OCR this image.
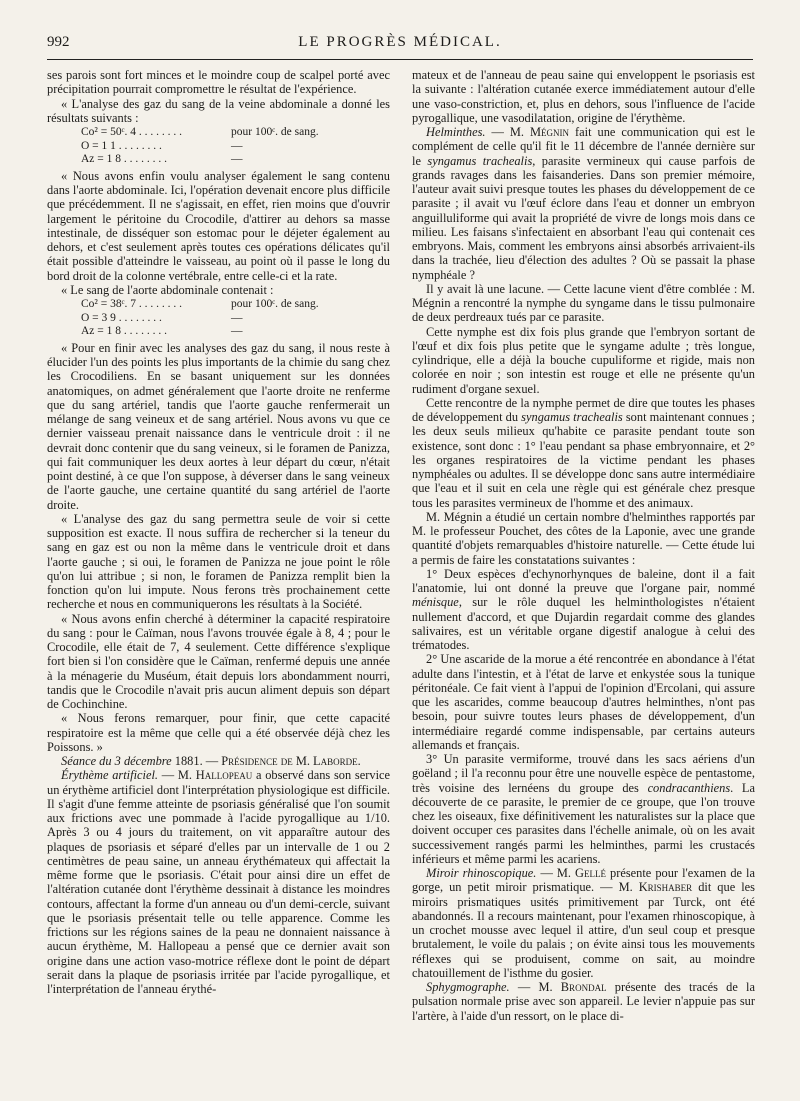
992	LE PROGRÈS MÉDICAL.

ses parois sont fort minces et le moindre coup de scalpel porté avec précipitation pourrait compromettre le résultat de l'expérience.

« L'analyse des gaz du sang de la veine abdominale a donné les résultats suivants :

Co² = 50ᶜ. 4 . . . . . . . .	pour 100ᶜ. de sang.
O = 1 1 . . . . . . . .	—
Az = 1 8 . . . . . . . .	—

« Nous avons enfin voulu analyser également le sang contenu dans l'aorte abdominale. Ici, l'opération devenait encore plus difficile que précédemment. Il ne s'agissait, en effet, rien moins que d'ouvrir largement le péritoine du Crocodile, d'attirer au dehors sa masse intestinale, de disséquer son estomac pour le déjeter également au dehors, et c'est seulement après toutes ces opérations délicates qu'il était possible d'atteindre le vaisseau, au point où il passe le long du bord droit de la colonne vertébrale, entre celle-ci et la rate.

« Le sang de l'aorte abdominale contenait :

Co² = 38ᶜ. 7 . . . . . . . .	pour 100ᶜ. de sang.
O = 3 9 . . . . . . . .	—
Az = 1 8 . . . . . . . .	—

« Pour en finir avec les analyses des gaz du sang, il nous reste à élucider l'un des points les plus importants de la chimie du sang chez les Crocodiliens. En se basant uniquement sur les données anatomiques, on admet généralement que l'aorte droite ne renferme que du sang artériel, tandis que l'aorte gauche renfermerait un mélange de sang veineux et de sang artériel. Nous avons vu que ce dernier vaisseau prenait naissance dans le ventricule droit : il ne devrait donc contenir que du sang veineux, si le foramen de Panizza, qui fait communiquer les deux aortes à leur départ du cœur, n'était point destiné, à ce que l'on suppose, à déverser dans le sang veineux de l'aorte gauche, une certaine quantité du sang artériel de l'aorte droite.

« L'analyse des gaz du sang permettra seule de voir si cette supposition est exacte. Il nous suffira de rechercher si la teneur du sang en gaz est ou non la même dans le ventricule droit et dans l'aorte gauche ; si oui, le foramen de Panizza ne joue point le rôle qu'on lui attribue ; si non, le foramen de Panizza remplit bien la fonction qu'on lui impute. Nous ferons très prochainement cette recherche et nous en communiquerons les résultats à la Société.

« Nous avons enfin cherché à déterminer la capacité respiratoire du sang : pour le Caïman, nous l'avons trouvée égale à 8, 4 ; pour le Crocodile, elle était de 7, 4 seulement. Cette différence s'explique fort bien si l'on considère que le Caïman, renfermé depuis une année à la ménagerie du Muséum, était depuis lors abondamment nourri, tandis que le Crocodile n'avait pris aucun aliment depuis son départ de Cochinchine.

« Nous ferons remarquer, pour finir, que cette capacité respiratoire est la même que celle qui a été observée déjà chez les Poissons. »

Séance du 3 décembre 1881. — Présidence de M. Laborde.

Érythème artificiel. — M. Hallopeau a observé dans son service un érythème artificiel dont l'interprétation physiologique est difficile. Il s'agit d'une femme atteinte de psoriasis généralisé que l'on soumit aux frictions avec une pommade à l'acide pyrogallique au 1/10. Après 3 ou 4 jours du traitement, on vit apparaître autour des plaques de psoriasis et séparé d'elles par un intervalle de 1 ou 2 centimètres de peau saine, un anneau érythémateux qui affectait la même forme que le psoriasis. C'était pour ainsi dire un effet de l'altération cutanée dont l'érythème dessinait à distance les moindres contours, affectant la forme d'un anneau ou d'un demi-cercle, suivant que le psoriasis présentait telle ou telle apparence. Comme les frictions sur les régions saines de la peau ne donnaient naissance à aucun érythème, M. Hallopeau a pensé que ce dernier avait son origine dans une action vaso-motrice réflexe dont le point de départ serait dans la plaque de psoriasis irritée par l'acide pyrogallique, et l'interprétation de l'anneau érythé-

mateux et de l'anneau de peau saine qui enveloppent le psoriasis est la suivante : l'altération cutanée exerce immédiatement autour d'elle une vaso-constriction, et, plus en dehors, sous l'influence de l'acide pyrogallique, une vasodilatation, origine de l'érythème.

Helminthes. — M. Mégnin fait une communication qui est le complément de celle qu'il fit le 11 décembre de l'année dernière sur le syngamus trachealis, parasite vermineux qui cause parfois de grands ravages dans les faisanderies. Dans son premier mémoire, l'auteur avait suivi presque toutes les phases du développement de ce parasite ; il avait vu l'œuf éclore dans l'eau et donner un embryon anguilluliforme qui avait la propriété de vivre de longs mois dans ce milieu. Les faisans s'infectaient en absorbant l'eau qui contenait ces embryons. Mais, comment les embryons ainsi absorbés arrivaient-ils dans la trachée, lieu d'élection des adultes ? Où se passait la phase nymphéale ?

Il y avait là une lacune. — Cette lacune vient d'être comblée : M. Mégnin a rencontré la nymphe du syngame dans le tissu pulmonaire de deux perdreaux tués par ce parasite.

Cette nymphe est dix fois plus grande que l'embryon sortant de l'œuf et dix fois plus petite que le syngame adulte ; très longue, cylindrique, elle a déjà la bouche cupuliforme et rigide, mais non colorée en noir ; son intestin est rouge et elle ne présente qu'un rudiment d'organe sexuel.

Cette rencontre de la nymphe permet de dire que toutes les phases de développement du syngamus trachealis sont maintenant connues ; les deux seuls milieux qu'habite ce parasite pendant toute son existence, sont donc : 1° l'eau pendant sa phase embryonnaire, et 2° les organes respiratoires de la victime pendant les phases nymphéales ou adultes. Il se développe donc sans autre intermédiaire que l'eau et il suit en cela une règle qui est générale chez presque tous les parasites vermineux de l'homme et des animaux.

M. Mégnin a étudié un certain nombre d'helminthes rapportés par M. le professeur Pouchet, des côtes de la Laponie, avec une grande quantité d'objets remarquables d'histoire naturelle. — Cette étude lui a permis de faire les constatations suivantes :

1° Deux espèces d'echynorhynques de baleine, dont il a fait l'anatomie, lui ont donné la preuve que l'organe pair, nommé ménisque, sur le rôle duquel les helminthologistes n'étaient nullement d'accord, et que Dujardin regardait comme des glandes salivaires, est un véritable organe digestif analogue à celui des trématodes.

2° Une ascaride de la morue a été rencontrée en abondance à l'état adulte dans l'intestin, et à l'état de larve et enkystée sous la tunique péritonéale. Ce fait vient à l'appui de l'opinion d'Ercolani, qui assure que les ascarides, comme beaucoup d'autres helminthes, n'ont pas besoin, pour suivre toutes leurs phases de développement, d'un intermédiaire regardé comme indispensable, par certains auteurs allemands et français.

3° Un parasite vermiforme, trouvé dans les sacs aériens d'un goëland ; il l'a reconnu pour être une nouvelle espèce de pentastome, très voisine des lernéens du groupe des condracanthiens. La découverte de ce parasite, le premier de ce groupe, que l'on trouve chez les oiseaux, fixe définitivement les naturalistes sur la place que doivent occuper ces parasites dans l'échelle animale, où on les avait successivement rangés parmi les helminthes, parmi les crustacés inférieurs et même parmi les acariens.

Miroir rhinoscopique. — M. Gellé présente pour l'examen de la gorge, un petit miroir prismatique. — M. Krishaber dit que les miroirs prismatiques usités primitivement par Turck, ont été abandonnés. Il a recours maintenant, pour l'examen rhinoscopique, à un crochet mousse avec lequel il attire, d'un seul coup et presque brutalement, le voile du palais ; on évite ainsi tous les mouvements réflexes qui se produisent, comme on sait, au moindre chatouillement de l'isthme du gosier.

Sphygmographe. — M. Brondal présente des tracés de la pulsation normale prise avec son appareil. Le levier n'appuie pas sur l'artère, à l'aide d'un ressort, on le place di-
